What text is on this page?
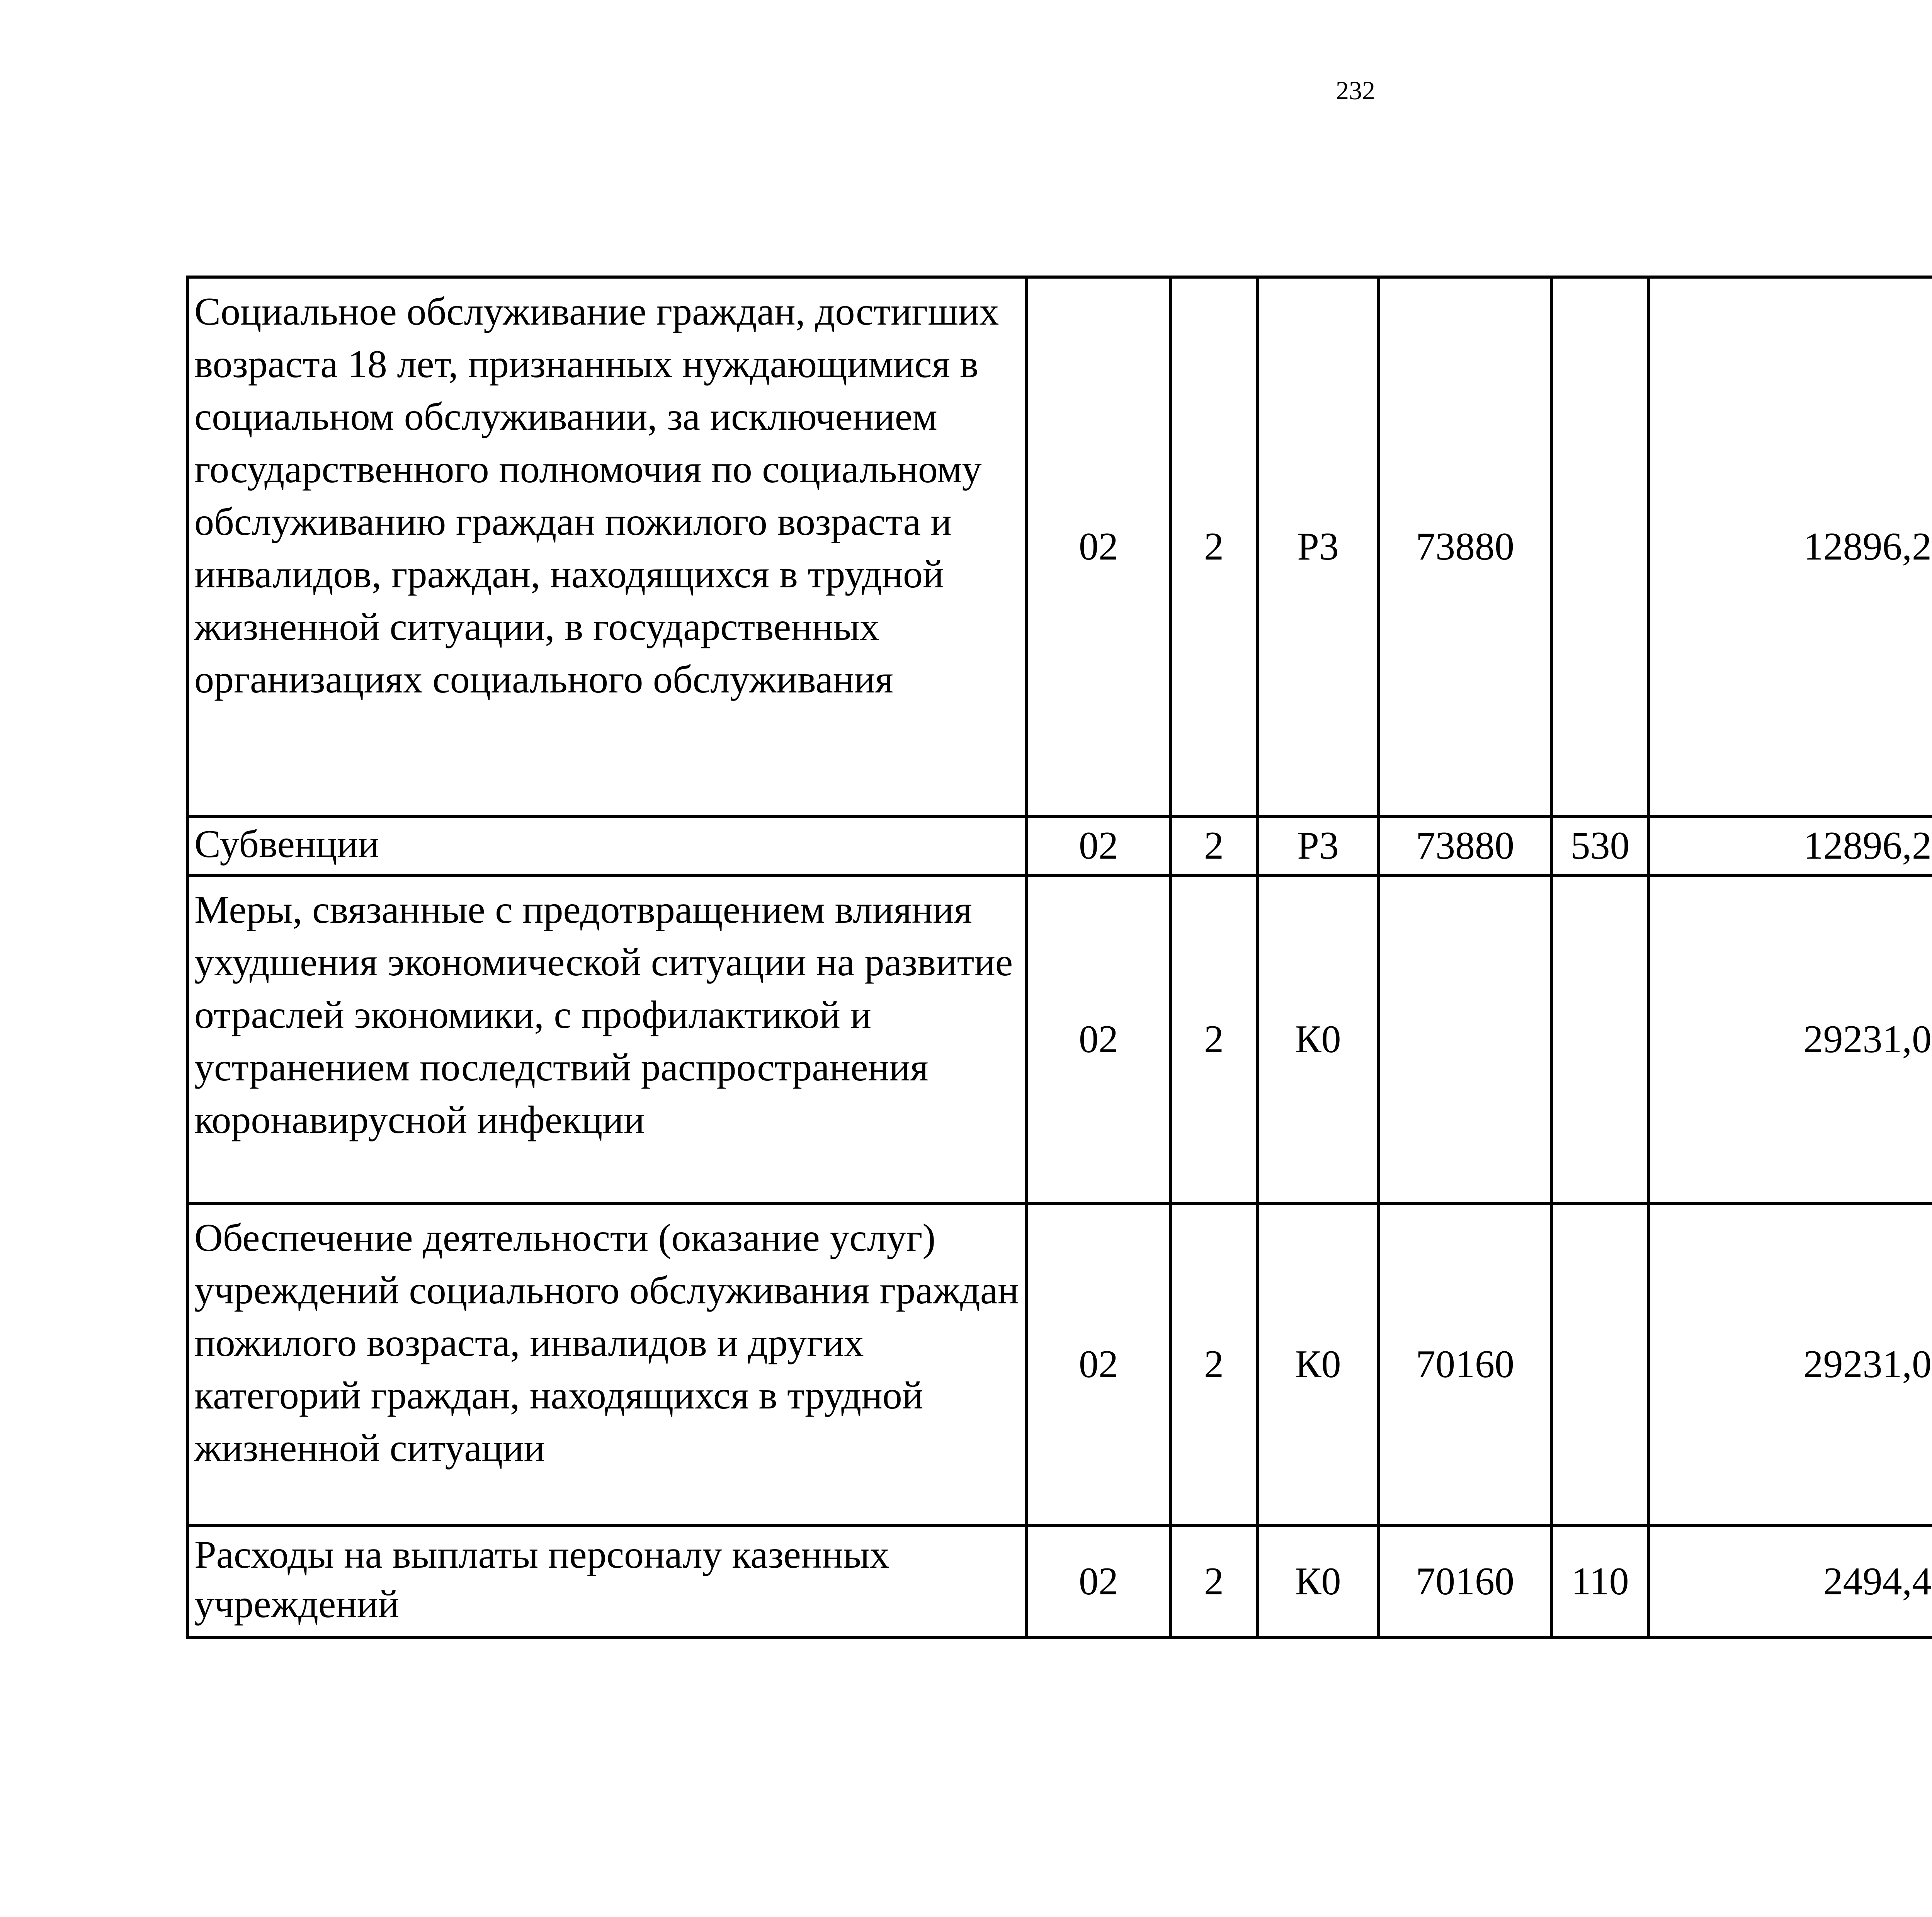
232
Социальное обслуживание граждан, достигших возраста 18 лет, признанных нуждающимися в социальном обслуживании, за исключением государственного полномочия по социальному обслуживанию граждан пожилого возраста и инвалидов, граждан, находящихся в трудной жизненной ситуации, в государственных организациях социального обслуживания	02	2	Р3	73880		12896,2		
Субвенции	02	2	Р3	73880	530	12896,2		
Меры, связанные с предотвращением влияния ухудшения экономической ситуации на развитие отраслей экономики, с профилактикой и устранением последствий распространения коронавирусной инфекции	02	2	К0			29231,0		
Обеспечение деятельности (оказание услуг) учреждений социального обслуживания граждан пожилого возраста, инвалидов и других категорий граждан, находящихся в трудной жизненной ситуации	02	2	К0	70160		29231,0		
Расходы на выплаты персоналу казенных учреждений	02	2	К0	70160	110	2494,4		
